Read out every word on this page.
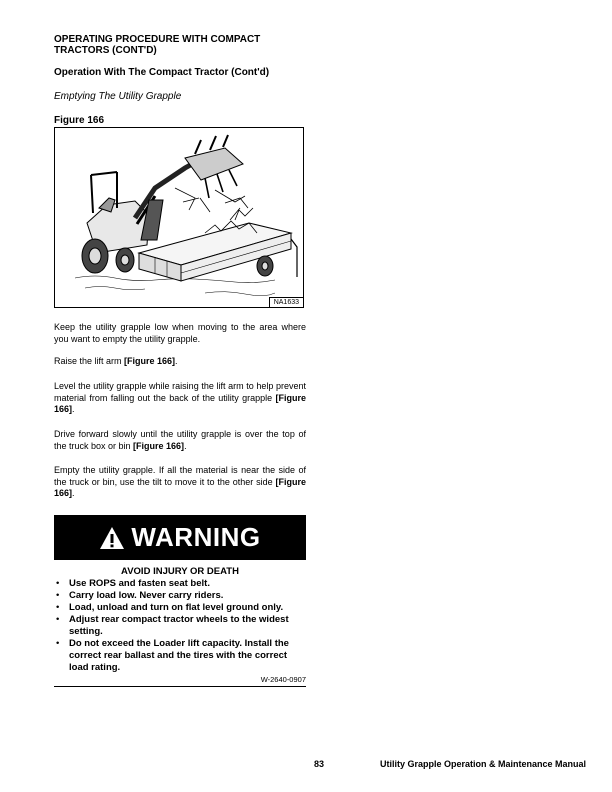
OPERATING PROCEDURE WITH COMPACT TRACTORS (CONT'D)
Operation With The Compact Tractor (Cont'd)
Emptying The Utility Grapple
Figure 166
NA1633
Keep the utility grapple low when moving to the area where you want to empty the utility grapple.
Raise the lift arm [Figure 166].
Level the utility grapple while raising the lift arm to help prevent material from falling out the back of the utility grapple [Figure 166].
Drive forward slowly until the utility grapple is over the top of the truck box or bin [Figure 166].
Empty the utility grapple. If all the material is near the side of the truck or bin, use the tilt to move it to the other side [Figure 166].
WARNING
AVOID INJURY OR DEATH
• Use ROPS and fasten seat belt.
• Carry load low. Never carry riders.
• Load, unload and turn on flat level ground only.
• Adjust rear compact tractor wheels to the widest setting.
• Do not exceed the Loader lift capacity. Install the correct rear ballast and the tires with the correct load rating.
W-2640-0907
83	Utility Grapple Operation & Maintenance Manual
